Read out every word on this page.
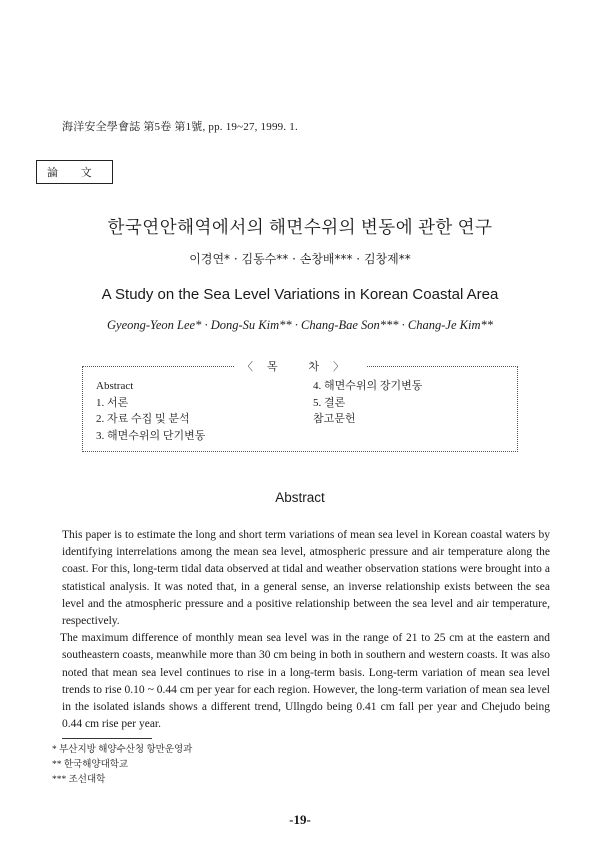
海洋安全學會誌 第5卷 第1號, pp. 19~27, 1999. 1.
論 文
한국연안해역에서의 해면수위의 변동에 관한 연구
이경연* · 김동수** · 손창배*** · 김창제**
A Study on the Sea Level Variations in Korean Coastal Area
Gyeong-Yeon Lee* · Dong-Su Kim** · Chang-Bae Son*** · Chang-Je Kim**
〈목 차〉
Abstract
1. 서론
2. 자료 수집 및 분석
3. 해면수위의 단기변동
4. 해면수위의 장기변동
5. 결론
참고문헌
Abstract

This paper is to estimate the long and short term variations of mean sea level in Korean coastal waters by identifying interrelations among the mean sea level, atmospheric pressure and air temperature along the coast. For this, long-term tidal data observed at tidal and weather observation stations were brought into a statistical analysis. It was noted that, in a general sense, an inverse relationship exists between the sea level and the atmospheric pressure and a positive relationship between the sea level and air temperature, respectively.

The maximum difference of monthly mean sea level was in the range of 21 to 25 cm at the eastern and southeastern coasts, meanwhile more than 30 cm being in both in southern and western coasts. It was also noted that mean sea level continues to rise in a long-term basis. Long-term variation of mean sea level trends to rise 0.10 ~ 0.44 cm per year for each region. However, the long-term variation of mean sea level in the isolated islands shows a different trend, Ullngdo being 0.41 cm fall per year and Chejudo being 0.44 cm rise per year.

* 부산지방 해양수산청 항만운영과
** 한국해양대학교
*** 조선대학
-19-
